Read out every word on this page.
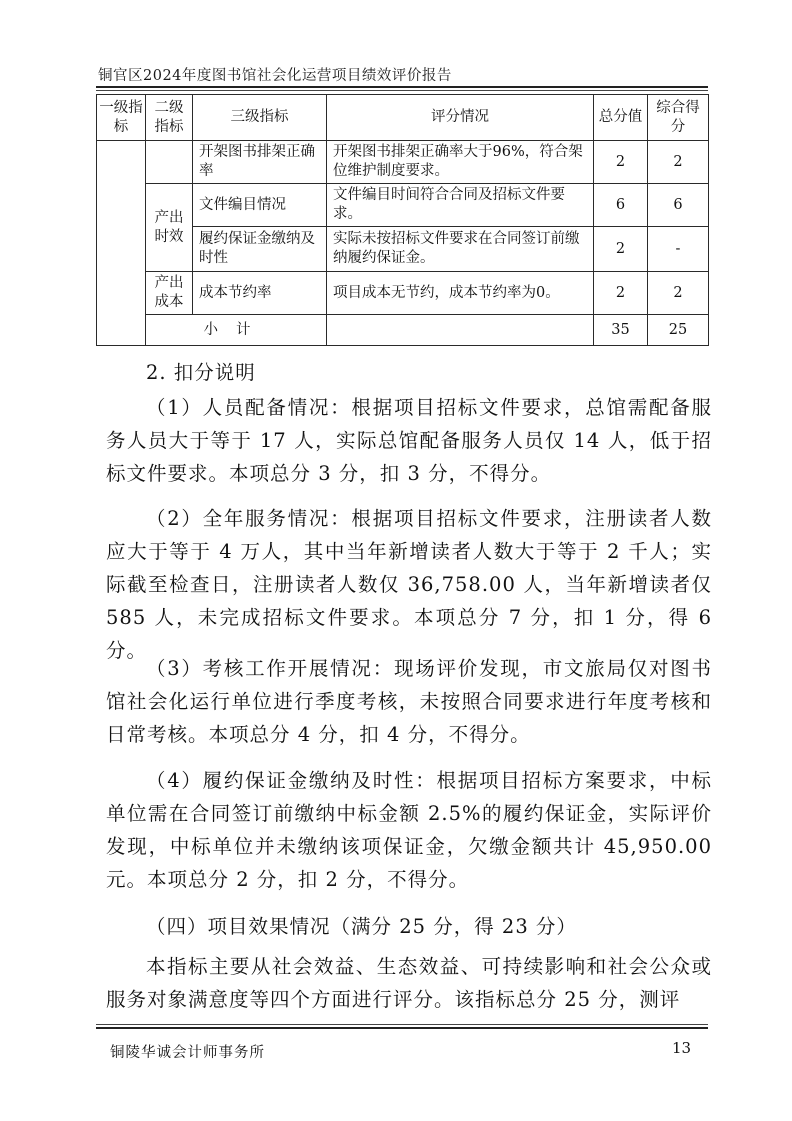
铜官区2024年度图书馆社会化运营项目绩效评价报告
一级指标	二级指标	三级指标	评分情况	总分值	综合得分
		开架图书排架正确率	开架图书排架正确率大于96%，符合架位维护制度要求。	2	2
	产出时效	文件编目情况	文件编目时间符合合同及招标文件要求。	6	6
		履约保证金缴纳及时性	实际未按招标文件要求在合同签订前缴纳履约保证金。	2	-
	产出成本	成本节约率	项目成本无节约，成本节约率为0。	2	2
	小计			35	25

2. 扣分说明

（1）人员配备情况：根据项目招标文件要求，总馆需配备服务人员大于等于 17 人，实际总馆配备服务人员仅 14 人，低于招标文件要求。本项总分 3 分，扣 3 分，不得分。

（2）全年服务情况：根据项目招标文件要求，注册读者人数应大于等于 4 万人，其中当年新增读者人数大于等于 2 千人；实际截至检查日，注册读者人数仅 36,758.00 人，当年新增读者仅 585 人，未完成招标文件要求。本项总分 7 分，扣 1 分，得 6 分。

（3）考核工作开展情况：现场评价发现，市文旅局仅对图书馆社会化运行单位进行季度考核，未按照合同要求进行年度考核和日常考核。本项总分 4 分，扣 4 分，不得分。

（4）履约保证金缴纳及时性：根据项目招标方案要求，中标单位需在合同签订前缴纳中标金额 2.5%的履约保证金，实际评价发现，中标单位并未缴纳该项保证金，欠缴金额共计 45,950.00 元。本项总分 2 分，扣 2 分，不得分。

（四）项目效果情况（满分 25 分，得 23 分）

本指标主要从社会效益、生态效益、可持续影响和社会公众或服务对象满意度等四个方面进行评分。该指标总分 25 分，测评

铜陵华诚会计师事务所	13
